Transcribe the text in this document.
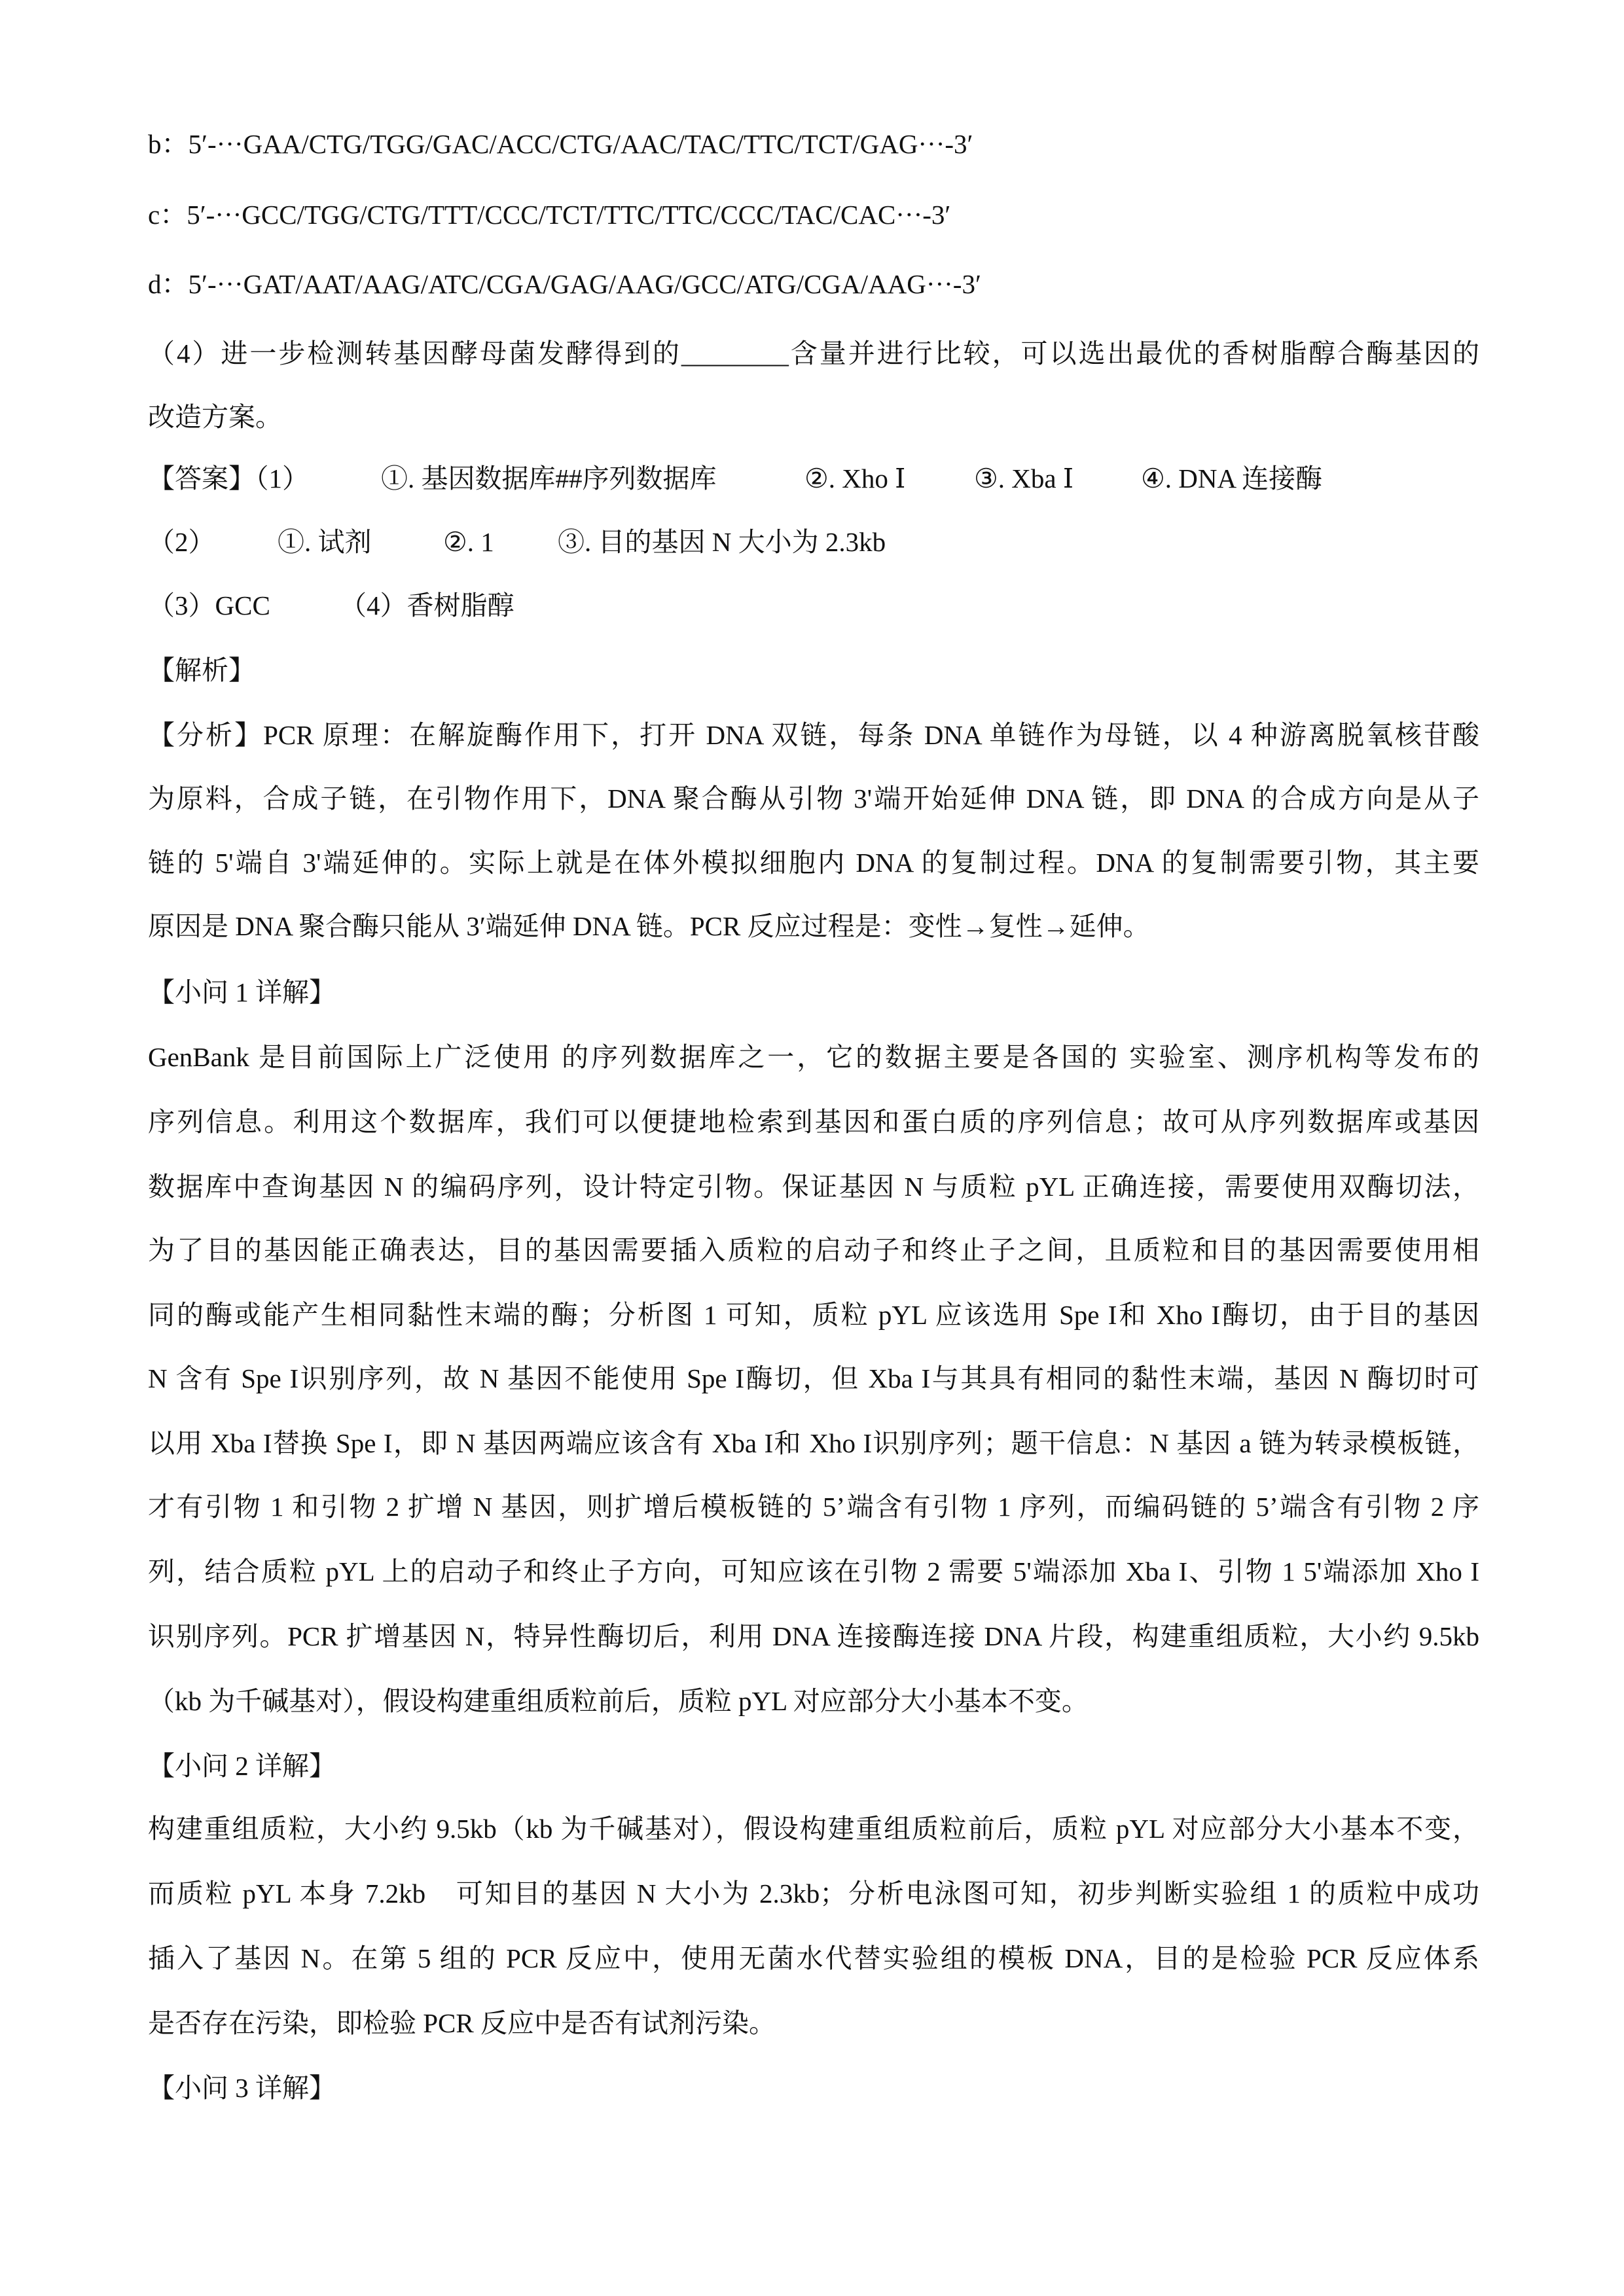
b：5′-···GAA/CTG/TGG/GAC/ACC/CTG/AAC/TAC/TTC/TCT/GAG···-3′
c：5′-···GCC/TGG/CTG/TTT/CCC/TCT/TTC/TTC/CCC/TAC/CAC···-3′
d：5′-···GAT/AAT/AAG/ATC/CGA/GAG/AAG/GCC/ATG/CGA/AAG···-3′
（4）进一步检测转基因酵母菌发酵得到的________含量并进行比较，可以选出最优的香树脂醇合酶基因的
改造方案。
【答案】（1）	①. 基因数据库##序列数据库	②. Xho Ⅰ	③. Xba Ⅰ	④. DNA 连接酶
（2） ①. 试剂	②. 1 ③. 目的基因 N 大小为 2.3kb
（3）GCC	（4）香树脂醇
【解析】
【分析】PCR 原理：在解旋酶作用下，打开 DNA 双链，每条 DNA 单链作为母链，以 4 种游离脱氧核苷酸
为原料，合成子链，在引物作用下，DNA 聚合酶从引物 3'端开始延伸 DNA 链，即 DNA 的合成方向是从子
链的 5'端自 3'端延伸的。实际上就是在体外模拟细胞内 DNA 的复制过程。DNA 的复制需要引物，其主要
原因是 DNA 聚合酶只能从 3′端延伸 DNA 链。PCR 反应过程是：变性→复性→延伸。
【小问 1 详解】
GenBank 是目前国际上广泛使用 的序列数据库之一，它的数据主要是各国的 实验室、测序机构等发布的
序列信息。利用这个数据库，我们可以便捷地检索到基因和蛋白质的序列信息；故可从序列数据库或基因
数据库中查询基因 N 的编码序列，设计特定引物。保证基因 N 与质粒 pYL 正确连接，需要使用双酶切法，
为了目的基因能正确表达，目的基因需要插入质粒的启动子和终止子之间，且质粒和目的基因需要使用相
同的酶或能产生相同黏性末端的酶；分析图 1 可知，质粒 pYL 应该选用 Spe I和 Xho I酶切，由于目的基因
N 含有 Spe I识别序列，故 N 基因不能使用 Spe I酶切，但 Xba I与其具有相同的黏性末端，基因 N 酶切时可
以用 Xba I替换 Spe I，即 N 基因两端应该含有 Xba I和 Xho I识别序列；题干信息：N 基因 a 链为转录模板链，
才有引物 1 和引物 2 扩增 N 基因，则扩增后模板链的 5’端含有引物 1 序列，而编码链的 5’端含有引物 2 序
列，结合质粒 pYL 上的启动子和终止子方向，可知应该在引物 2 需要 5'端添加 Xba I、引物 1 5'端添加 Xho I
识别序列。PCR 扩增基因 N，特异性酶切后，利用 DNA 连接酶连接 DNA 片段，构建重组质粒，大小约 9.5kb
（kb 为千碱基对），假设构建重组质粒前后，质粒 pYL 对应部分大小基本不变。
【小问 2 详解】
构建重组质粒，大小约 9.5kb（kb 为千碱基对），假设构建重组质粒前后，质粒 pYL 对应部分大小基本不变，
而质粒 pYL 本身 7.2kb　可知目的基因 N 大小为 2.3kb；分析电泳图可知，初步判断实验组 1 的质粒中成功
插入了基因 N。在第 5 组的 PCR 反应中，使用无菌水代替实验组的模板 DNA，目的是检验 PCR 反应体系
是否存在污染，即检验 PCR 反应中是否有试剂污染。
【小问 3 详解】
